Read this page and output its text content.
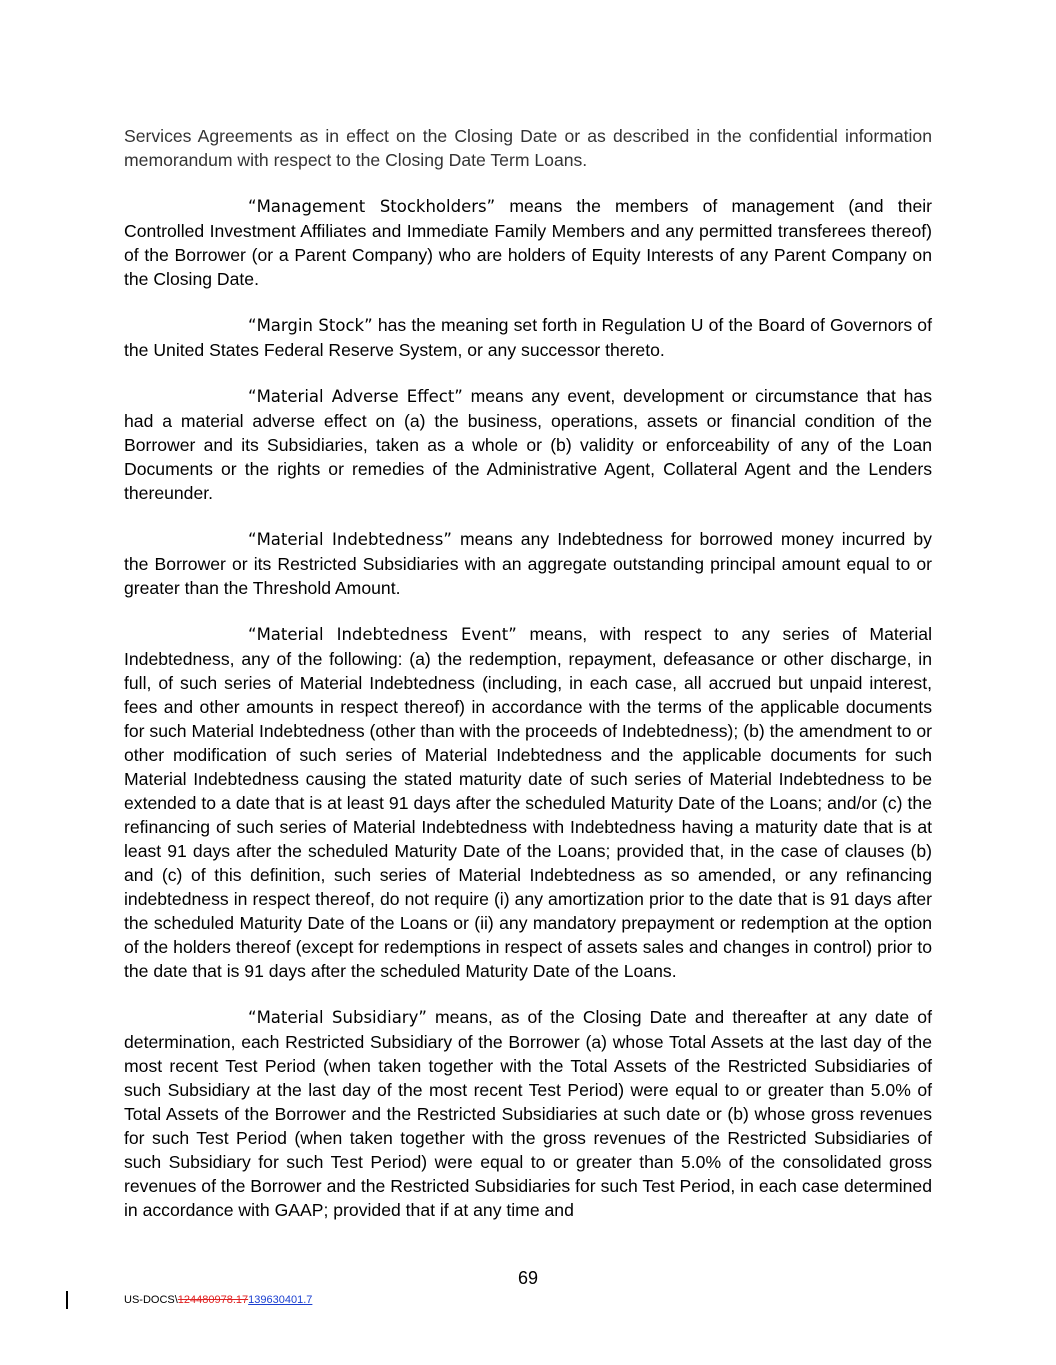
Services Agreements as in effect on the Closing Date or as described in the confidential information memorandum with respect to the Closing Date Term Loans.

“Management Stockholders” means the members of management (and their Controlled Investment Affiliates and Immediate Family Members and any permitted transferees thereof) of the Borrower (or a Parent Company) who are holders of Equity Interests of any Parent Company on the Closing Date.

“Margin Stock” has the meaning set forth in Regulation U of the Board of Governors of the United States Federal Reserve System, or any successor thereto.

“Material Adverse Effect” means any event, development or circumstance that has had a material adverse effect on (a) the business, operations, assets or financial condition of the Borrower and its Subsidiaries, taken as a whole or (b) validity or enforceability of any of the Loan Documents or the rights or remedies of the Administrative Agent, Collateral Agent and the Lenders thereunder.

“Material Indebtedness” means any Indebtedness for borrowed money incurred by the Borrower or its Restricted Subsidiaries with an aggregate outstanding principal amount equal to or greater than the Threshold Amount.

“Material Indebtedness Event” means, with respect to any series of Material Indebtedness, any of the following: (a) the redemption, repayment, defeasance or other discharge, in full, of such series of Material Indebtedness (including, in each case, all accrued but unpaid interest, fees and other amounts in respect thereof) in accordance with the terms of the applicable documents for such Material Indebtedness (other than with the proceeds of Indebtedness); (b) the amendment to or other modification of such series of Material Indebtedness and the applicable documents for such Material Indebtedness causing the stated maturity date of such series of Material Indebtedness to be extended to a date that is at least 91 days after the scheduled Maturity Date of the Loans; and/or (c) the refinancing of such series of Material Indebtedness with Indebtedness having a maturity date that is at least 91 days after the scheduled Maturity Date of the Loans; provided that, in the case of clauses (b) and (c) of this definition, such series of Material Indebtedness as so amended, or any refinancing indebtedness in respect thereof, do not require (i) any amortization prior to the date that is 91 days after the scheduled Maturity Date of the Loans or (ii) any mandatory prepayment or redemption at the option of the holders thereof (except for redemptions in respect of assets sales and changes in control) prior to the date that is 91 days after the scheduled Maturity Date of the Loans.

“Material Subsidiary” means, as of the Closing Date and thereafter at any date of determination, each Restricted Subsidiary of the Borrower (a) whose Total Assets at the last day of the most recent Test Period (when taken together with the Total Assets of the Restricted Subsidiaries of such Subsidiary at the last day of the most recent Test Period) were equal to or greater than 5.0% of Total Assets of the Borrower and the Restricted Subsidiaries at such date or (b) whose gross revenues for such Test Period (when taken together with the gross revenues of the Restricted Subsidiaries of such Subsidiary for such Test Period) were equal to or greater than 5.0% of the consolidated gross revenues of the Borrower and the Restricted Subsidiaries for such Test Period, in each case determined in accordance with GAAP; provided that if at any time and

69
US-DOCS\124480978.17139630401.7
